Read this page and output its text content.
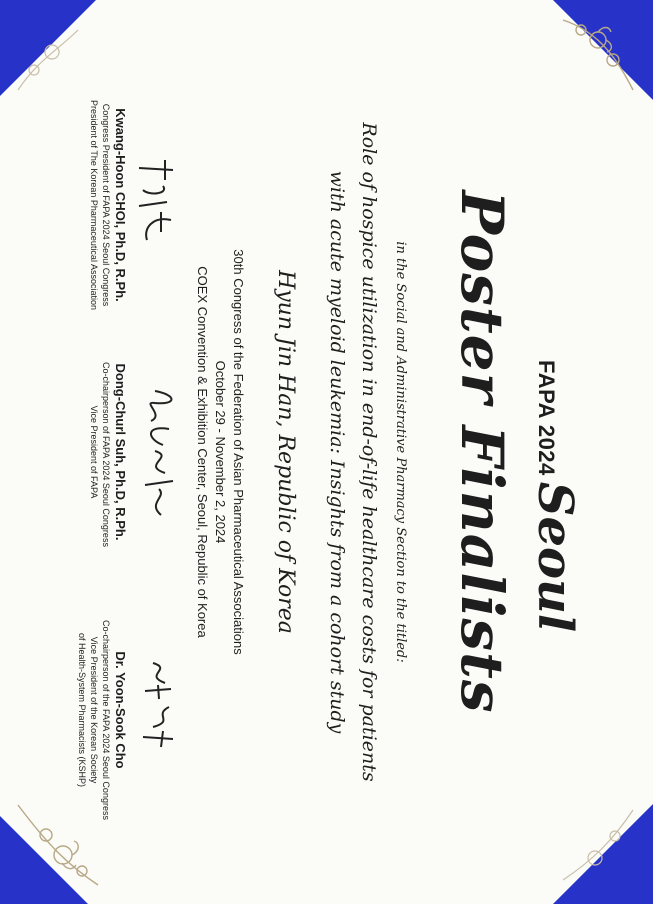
FAPA 2024
Seoul
Poster Finalists
in the Social and Administrative Pharmacy Section to the titled:
Role of hospice utilization in end-of-life healthcare costs for patients
with acute myeloid leukemia: Insights from a cohort study
Hyun Jin Han, Republic of Korea
30th Congress of the Federation of Asian Pharmaceutical Associations
October 29 - November 2, 2024
COEX Convention & Exhibition Center, Seoul, Republic of Korea
Dr. Yoon-Sook Cho
Co-chairperson of the FAPA 2024 Seoul Congress
Vice President of the Korean Society
of Health-System Pharmacists (KSHP)
Dong-Churl Suh, Ph.D, R.Ph.
Co-chairperson of FAPA 2024 Seoul Congress
Vice President of FAPA
Kwang-Hoon CHOI, Ph.D, R.Ph.
Congress President of FAPA 2024 Seoul Congress
President of The Korean Pharmaceutical Association
